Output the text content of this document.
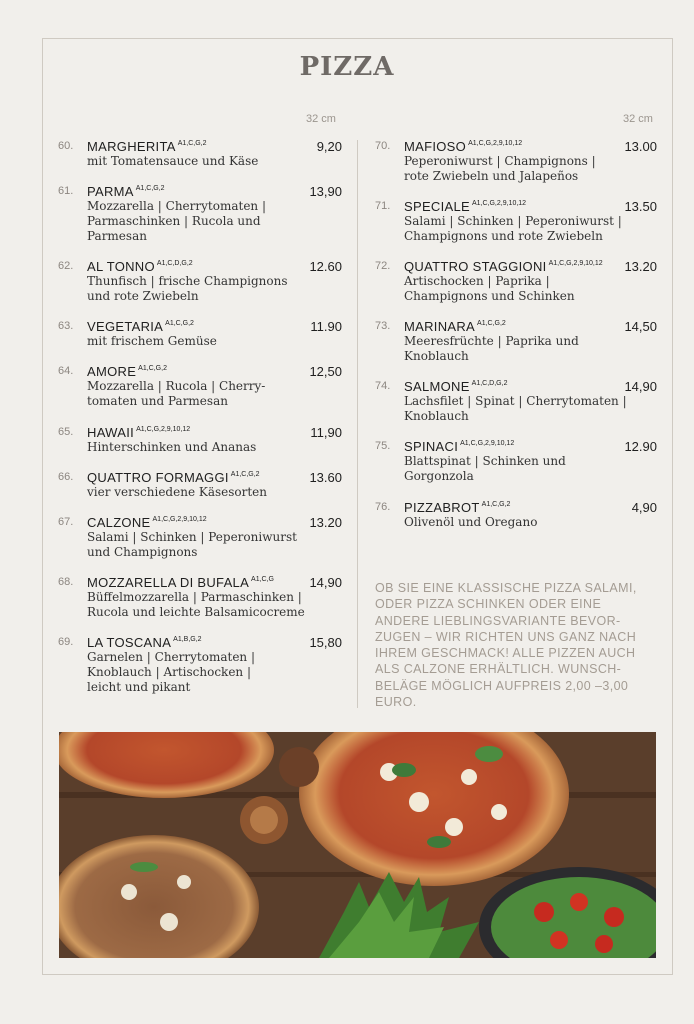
PIZZA
32 cm
60. MARGHERITA $^{A1,C,G,2}$	9,20
mit Tomatensauce und Käse
61. PARMA $^{A1,C,G,2}$	13,90
Mozzarella | Cherrytomaten |
Parmaschinken | Rucola und
Parmesan
62. AL TONNO $^{A1,C,D,G,2}$	12.60
Thunfisch | frische Champignons
und rote Zwiebeln
63. VEGETARIA $^{A1,C,G,2}$	11.90
mit frischem Gemüse
64. AMORE $^{A1,C,G,2}$	12,50
Mozzarella | Rucola | Cherry-
tomaten und Parmesan
65. HAWAII $^{A1,C,G,2,9,10,12}$	11,90
Hinterschinken und Ananas
66. QUATTRO FORMAGGI $^{A1,C,G,2}$	13.60
vier verschiedene Käsesorten
67. CALZONE $^{A1,C,G,2,9,10,12}$	13.20
Salami | Schinken | Peperoniwurst
und Champignons
68. MOZZARELLA DI BUFALA $^{A1,C,G}$	14,90
Büffelmozzarella | Parmaschinken |
Rucola und leichte Balsamicocreme
69. LA TOSCANA $^{A1,B,G,2}$	15,80
Garnelen | Cherrytomaten |
Knoblauch | Artischocken |
leicht und pikant
32 cm
70. MAFIOSO $^{A1,C,G,2,9,10,12}$	13.00
Peperoniwurst | Champignons |
rote Zwiebeln und Jalapeños
71. SPECIALE $^{A1,C,G,2,9,10,12}$	13.50
Salami | Schinken | Peperoniwurst |
Champignons und rote Zwiebeln
72. QUATTRO STAGGIONI $^{A1,C,G,2,9,10,12}$ 13.20
Artischocken | Paprika |
Champignons und Schinken
73. MARINARA $^{A1,C,G,2}$	14,50
Meeresfrüchte | Paprika und
Knoblauch
74. SALMONE $^{A1,C,D,G,2}$	14,90
Lachsfilet | Spinat | Cherrytomaten |
Knoblauch
75. SPINACI $^{A1,C,G,2,9,10,12}$	12.90
Blattspinat | Schinken und
Gorgonzola
76. PIZZABROT $^{A1,C,G,2}$	4,90
Olivenöl und Oregano
OB SIE EINE KLASSISCHE PIZZA SALAMI, ODER PIZZA SCHINKEN ODER EINE ANDERE LIEBLINGSVARIANTE BEVOR-ZUGEN – WIR RICHTEN UNS GANZ NACH IHREM GESCHMACK! ALLE PIZZEN AUCH ALS CALZONE ERHÄLTLICH. WUNSCH-BELÄGE MÖGLICH AUFPREIS 2,00 –3,00 EURO.
